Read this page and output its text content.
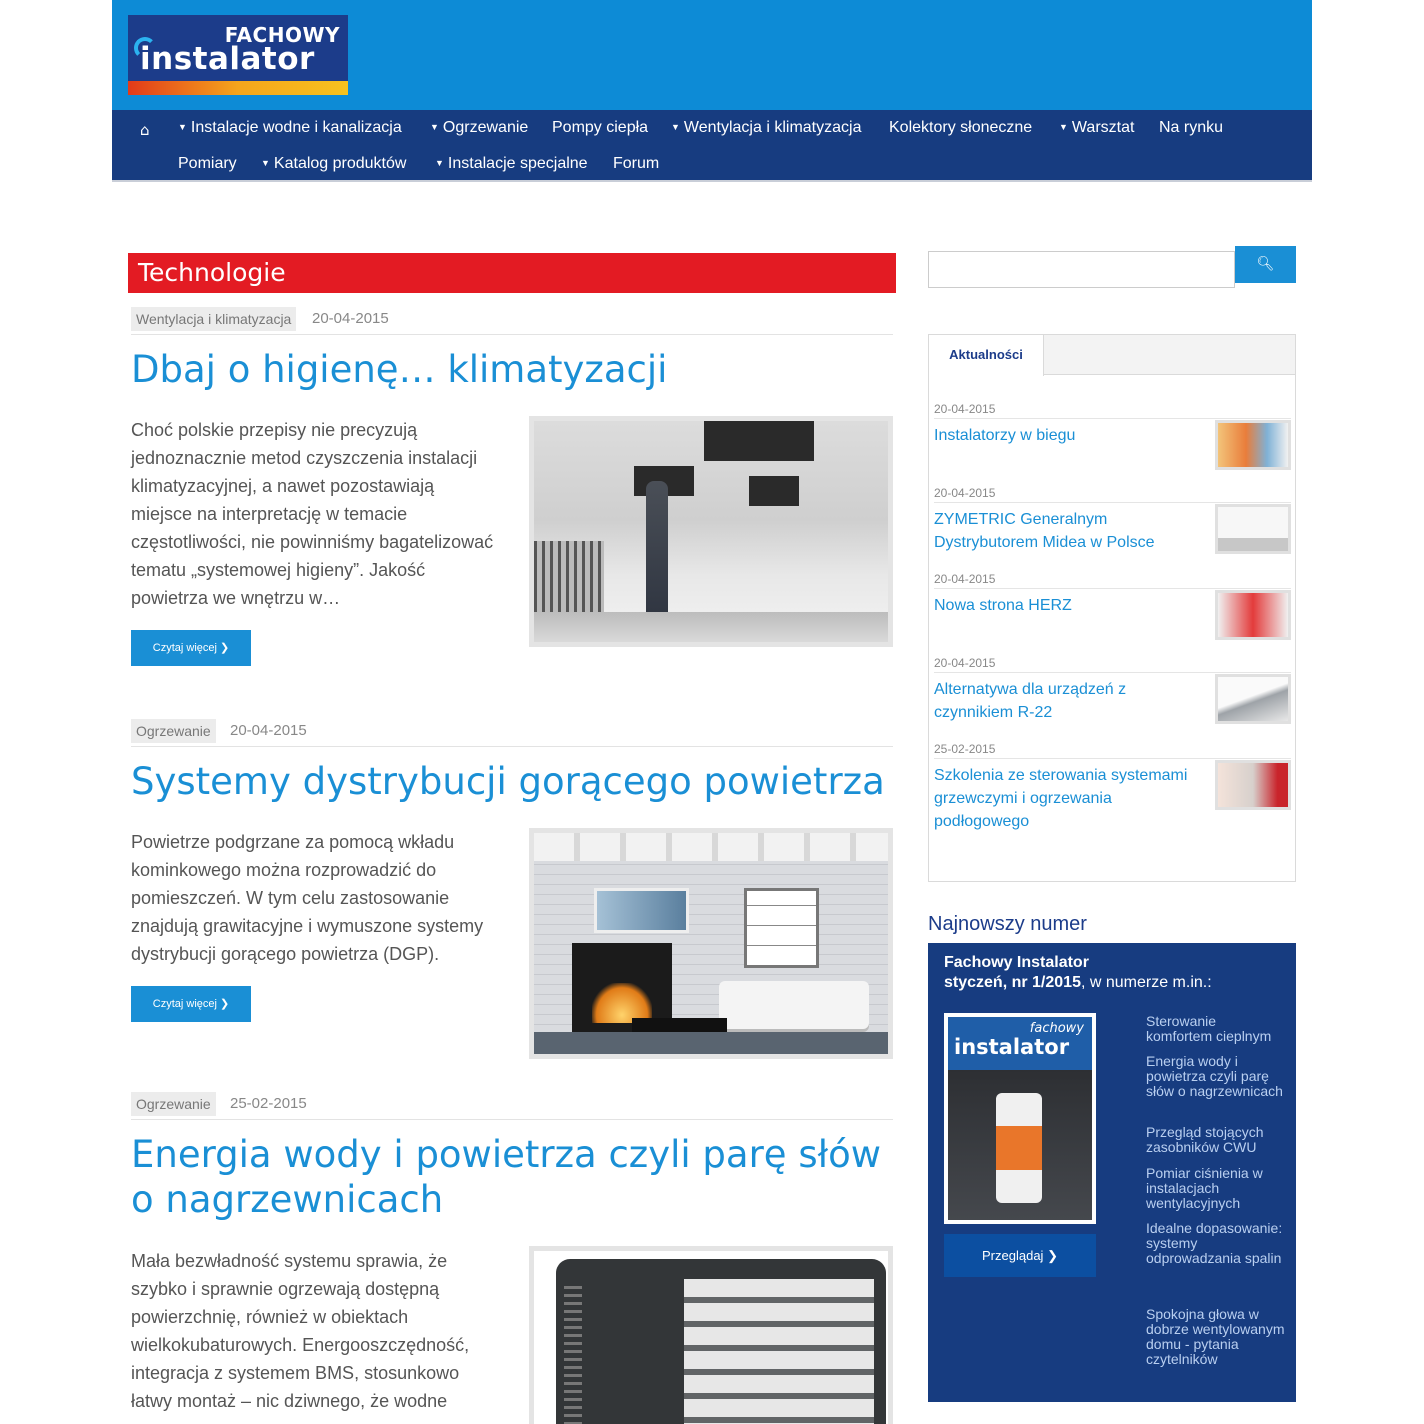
FACHOWY
instalator
⌂	▼ Instalacje wodne i kanalizacja	▼ Ogrzewanie Pompy ciepła	▼ Wentylacja i klimatyzacja Kolektory słoneczne	▼ Warsztat Na rynku
Pomiary	▼ Katalog produktów	▼ Instalacje specjalne Forum
Technologie
Wentylacja i klimatyzacja	20-04-2015
Dbaj o higienę… klimatyzacji
Choć polskie przepisy nie precyzują jednoznacznie metod czyszczenia instalacji klimatyzacyjnej, a nawet pozostawiają miejsce na interpretację w temacie częstotliwości, nie powinniśmy bagatelizować tematu „systemowej higieny”. Jakość powietrza we wnętrzu w…
Czytaj więcej ❯
Ogrzewanie	20-04-2015
Systemy dystrybucji gorącego powietrza
Powietrze podgrzane za pomocą wkładu kominkowego można rozprowadzić do pomieszczeń. W tym celu zastosowanie znajdują grawitacyjne i wymuszone systemy dystrybucji gorącego powietrza (DGP).
Czytaj więcej ❯
Ogrzewanie	25-02-2015
Energia wody i powietrza czyli parę słów o nagrzewnicach
Mała bezwładność systemu sprawia, że szybko i sprawnie ogrzewają dostępną powierzchnię, również w obiektach wielkokubaturowych. Energooszczędność, integracja z systemem BMS, stosunkowo łatwy montaż – nic dziwnego, że wodne
🔍︎
Aktualności
20-04-2015
Instalatorzy w biegu
20-04-2015
ZYMETRIC Generalnym Dystrybutorem Midea w Polsce
20-04-2015
Nowa strona HERZ
20-04-2015
Alternatywa dla urządzeń z czynnikiem R-22
25-02-2015
Szkolenia ze sterowania systemami grzewczymi i ogrzewania podłogowego
Najnowszy numer
Fachowy Instalator
styczeń, nr 1/2015, w numerze m.in.:
fachowy
instalator
Przeglądaj ❯
Sterowanie komfortem cieplnym
Energia wody i powietrza czyli parę słów o nagrzewnicach
Przegląd stojących zasobników CWU
Pomiar ciśnienia w instalacjach wentylacyjnych
Idealne dopasowanie: systemy odprowadzania spalin
Spokojna głowa w dobrze wentylowanym domu - pytania czytelników
